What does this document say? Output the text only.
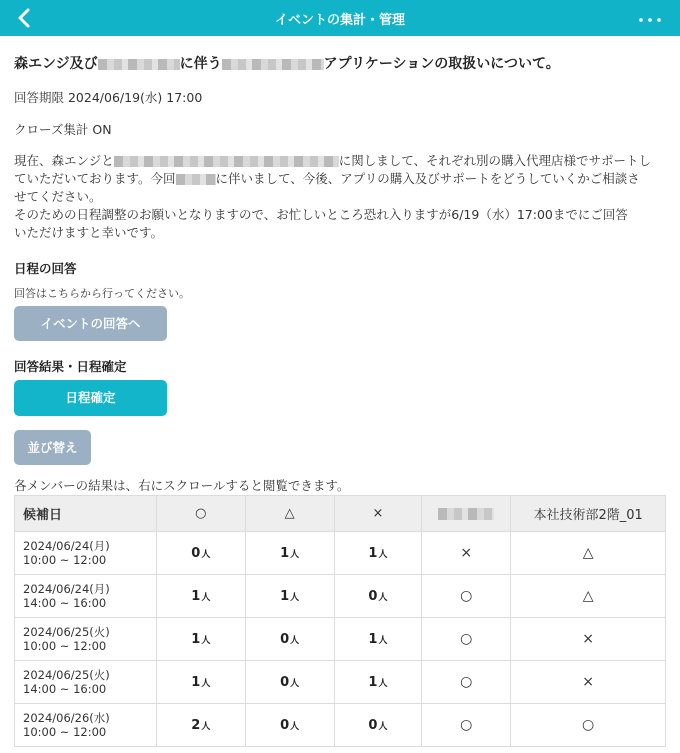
イベントの集計・管理	･･･
森エンジ及び	に伴う	アプリケーションの取扱いについて。
回答期限 2024/06/19(水) 17:00
クローズ集計 ON

現在、森エンジと	に関しまして、それぞれ別の購入代理店様でサポートし

ていただいております。今回	に伴いまして、今後、アプリの購入及びサポートをどうしていくかご相談さ

せてください。

そのための日程調整のお願いとなりますので、お忙しいところ恐れ入りますが6/19（水）17:00までにご回答

いただけますと幸いです。

日程の回答
回答はこちらから行ってください。
イベントの回答へ
回答結果・日程確定
日程確定
並び替え
各メンバーの結果は、右にスクロールすると閲覧できます。
候補日	○	△	×		本社技術部2階_01

2024/06/24(月)
10:00 ~ 12:00	0人	1人	1人	×	△

2024/06/24(月)
14:00 ~ 16:00	1人	1人	0人	○	△

2024/06/25(火)
10:00 ~ 12:00	1人	0人	1人	○	×

2024/06/25(火)
14:00 ~ 16:00	1人	0人	1人	○	×

2024/06/26(水)
10:00 ~ 12:00	2人	0人	0人	○	○
